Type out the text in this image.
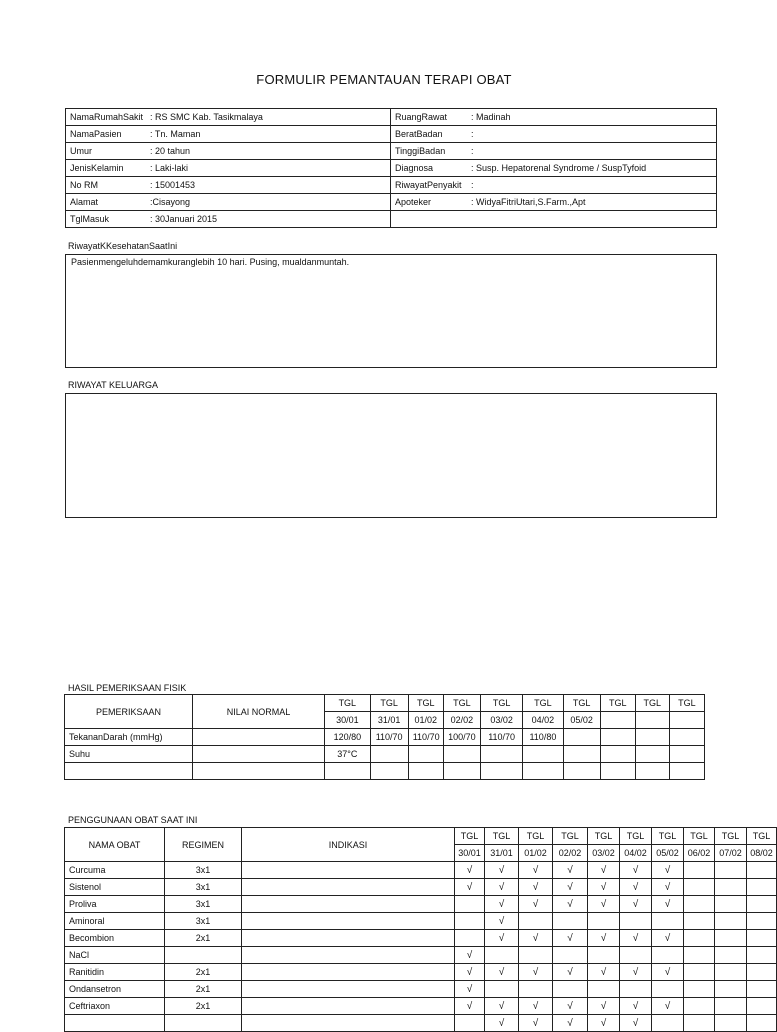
FORMULIR PEMANTAUAN TERAPI OBAT
NamaRumahSakit : RS SMC Kab. Tasikmalaya	RuangRawat : Madinah
NamaPasien : Tn. Maman	BeratBadan :
Umur : 20 tahun	TinggiBadan :
JenisKelamin : Laki-laki	Diagnosa : Susp. Hepatorenal Syndrome / SuspTyfoid
No RM : 15001453	RiwayatPenyakit :
Alamat :Cisayong	Apoteker : WidyaFitriUtari,S.Farm.,Apt
TglMasuk : 30Januari 2015	
RiwayatKKesehatanSaatIni
Pasienmengeluhdemamkuranglebih 10 hari. Pusing, mualdanmuntah.
RIWAYAT KELUARGA
HASIL PEMERIKSAAN FISIK
PEMERIKSAAN	NILAI NORMAL	TGL	TGL	TGL	TGL	TGL	TGL	TGL	TGL	TGL	TGL
		30/01	31/01	01/02	02/02	03/02	04/02	05/02			
TekananDarah (mmHg)		120/80	110/70	110/70	100/70	110/70	110/80				
Suhu		37°C									

PENGGUNAAN OBAT SAAT INI
NAMA OBAT	REGIMEN	INDIKASI	TGL	TGL	TGL	TGL	TGL	TGL	TGL	TGL	TGL	TGL
			30/01	31/01	01/02	02/02	03/02	04/02	05/02	06/02	07/02	08/02
Curcuma	3x1		√	√	√	√	√	√	√			
Sistenol	3x1		√	√	√	√	√	√	√			
Proliva	3x1			√	√	√	√	√	√			
Aminoral	3x1			√								
Becombion	2x1			√	√	√	√	√	√			
NaCl			√									
Ranitidin	2x1		√	√	√	√	√	√	√			
Ondansetron	2x1		√									
Ceftriaxon	2x1		√	√	√	√	√	√	√			
				√	√	√	√	√				
